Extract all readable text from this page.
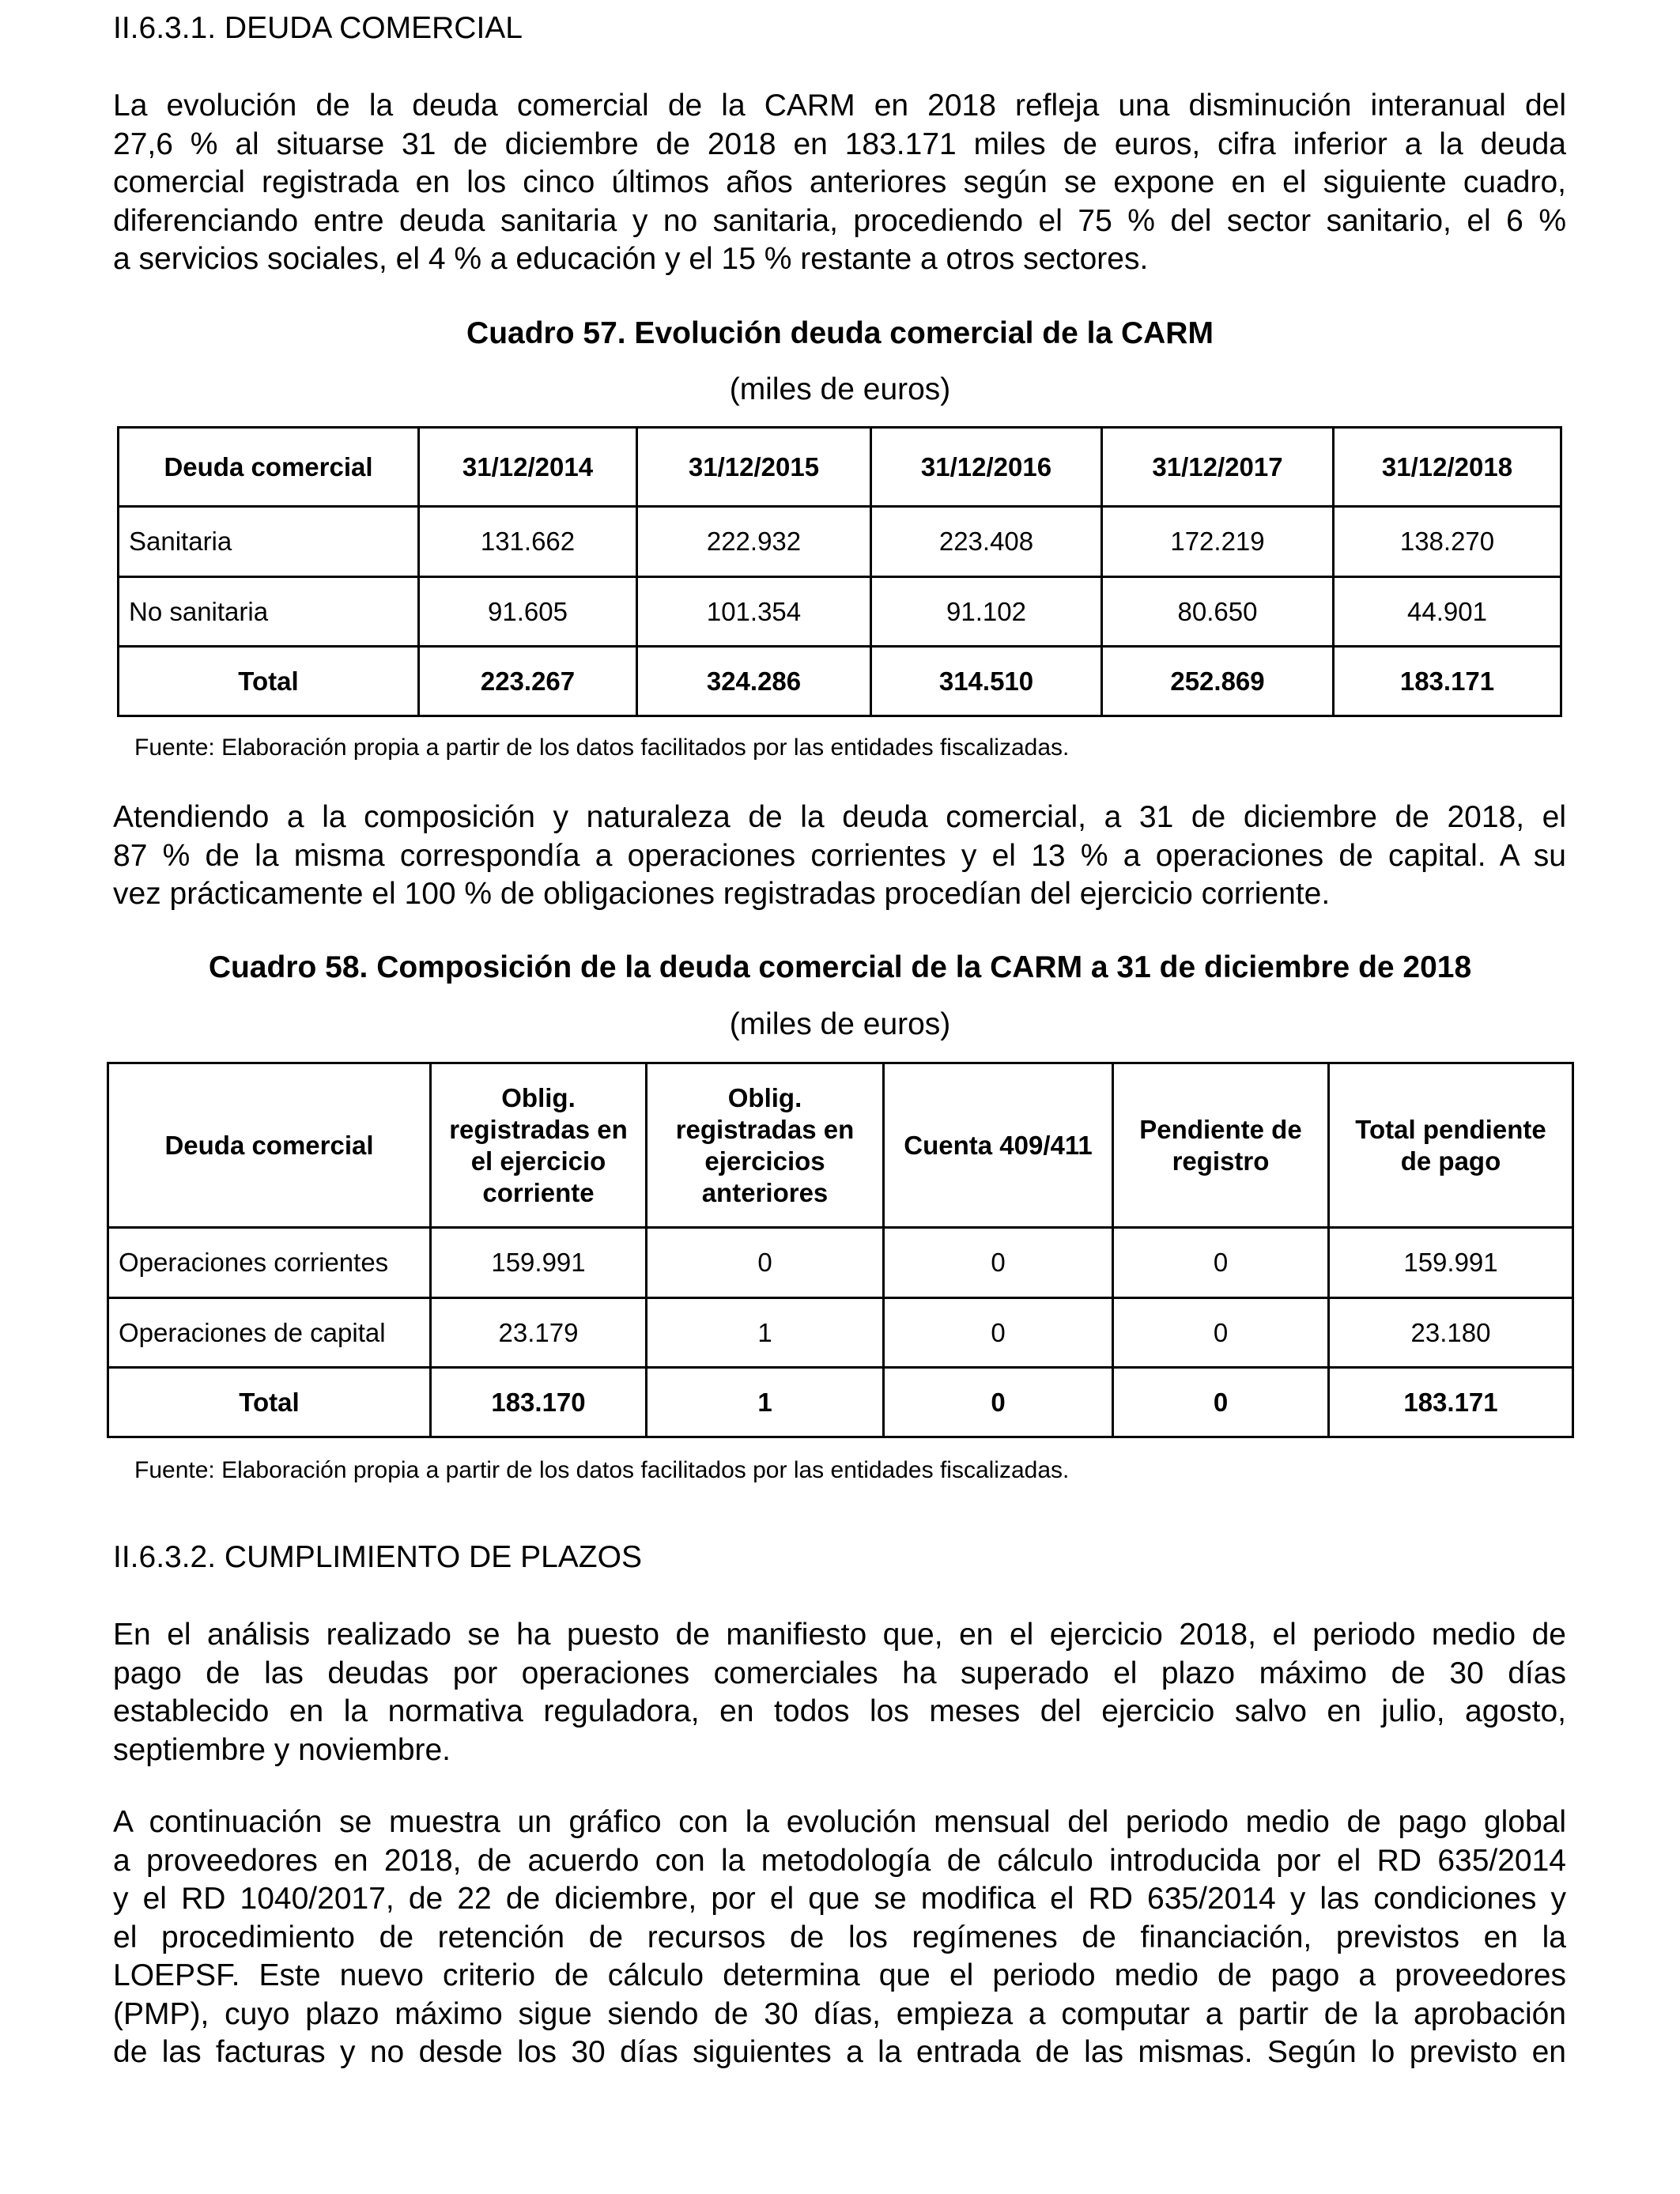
II.6.3.1. DEUDA COMERCIAL
La evolución de la deuda comercial de la CARM en 2018 refleja una disminución interanual del
27,6 % al situarse 31 de diciembre de 2018 en 183.171 miles de euros, cifra inferior a la deuda
comercial registrada en los cinco últimos años anteriores según se expone en el siguiente cuadro,
diferenciando entre deuda sanitaria y no sanitaria, procediendo el 75 % del sector sanitario, el 6 %
a servicios sociales, el 4 % a educación y el 15 % restante a otros sectores.
Cuadro 57. Evolución deuda comercial de la CARM
(miles de euros)
Deuda comercial	31/12/2014	31/12/2015	31/12/2016	31/12/2017	31/12/2018
Sanitaria	131.662	222.932	223.408	172.219	138.270
No sanitaria	91.605	101.354	91.102	80.650	44.901
Total	223.267	324.286	314.510	252.869	183.171
Fuente: Elaboración propia a partir de los datos facilitados por las entidades fiscalizadas.
Atendiendo a la composición y naturaleza de la deuda comercial, a 31 de diciembre de 2018, el
87 % de la misma correspondía a operaciones corrientes y el 13 % a operaciones de capital. A su
vez prácticamente el 100 % de obligaciones registradas procedían del ejercicio corriente.
Cuadro 58. Composición de la deuda comercial de la CARM a 31 de diciembre de 2018
(miles de euros)
Deuda comercial	Oblig. registradas en el ejercicio corriente	Oblig. registradas en ejercicios anteriores	Cuenta 409/411	Pendiente de registro	Total pendiente de pago
Operaciones corrientes	159.991	0	0	0	159.991
Operaciones de capital	23.179	1	0	0	23.180
Total	183.170	1	0	0	183.171
Fuente: Elaboración propia a partir de los datos facilitados por las entidades fiscalizadas.
II.6.3.2. CUMPLIMIENTO DE PLAZOS
En el análisis realizado se ha puesto de manifiesto que, en el ejercicio 2018, el periodo medio de
pago de las deudas por operaciones comerciales ha superado el plazo máximo de 30 días
establecido en la normativa reguladora, en todos los meses del ejercicio salvo en julio, agosto,
septiembre y noviembre.
A continuación se muestra un gráfico con la evolución mensual del periodo medio de pago global
a proveedores en 2018, de acuerdo con la metodología de cálculo introducida por el RD 635/2014
y el RD 1040/2017, de 22 de diciembre, por el que se modifica el RD 635/2014 y las condiciones y
el procedimiento de retención de recursos de los regímenes de financiación, previstos en la
LOEPSF. Este nuevo criterio de cálculo determina que el periodo medio de pago a proveedores
(PMP), cuyo plazo máximo sigue siendo de 30 días, empieza a computar a partir de la aprobación
de las facturas y no desde los 30 días siguientes a la entrada de las mismas. Según lo previsto en
